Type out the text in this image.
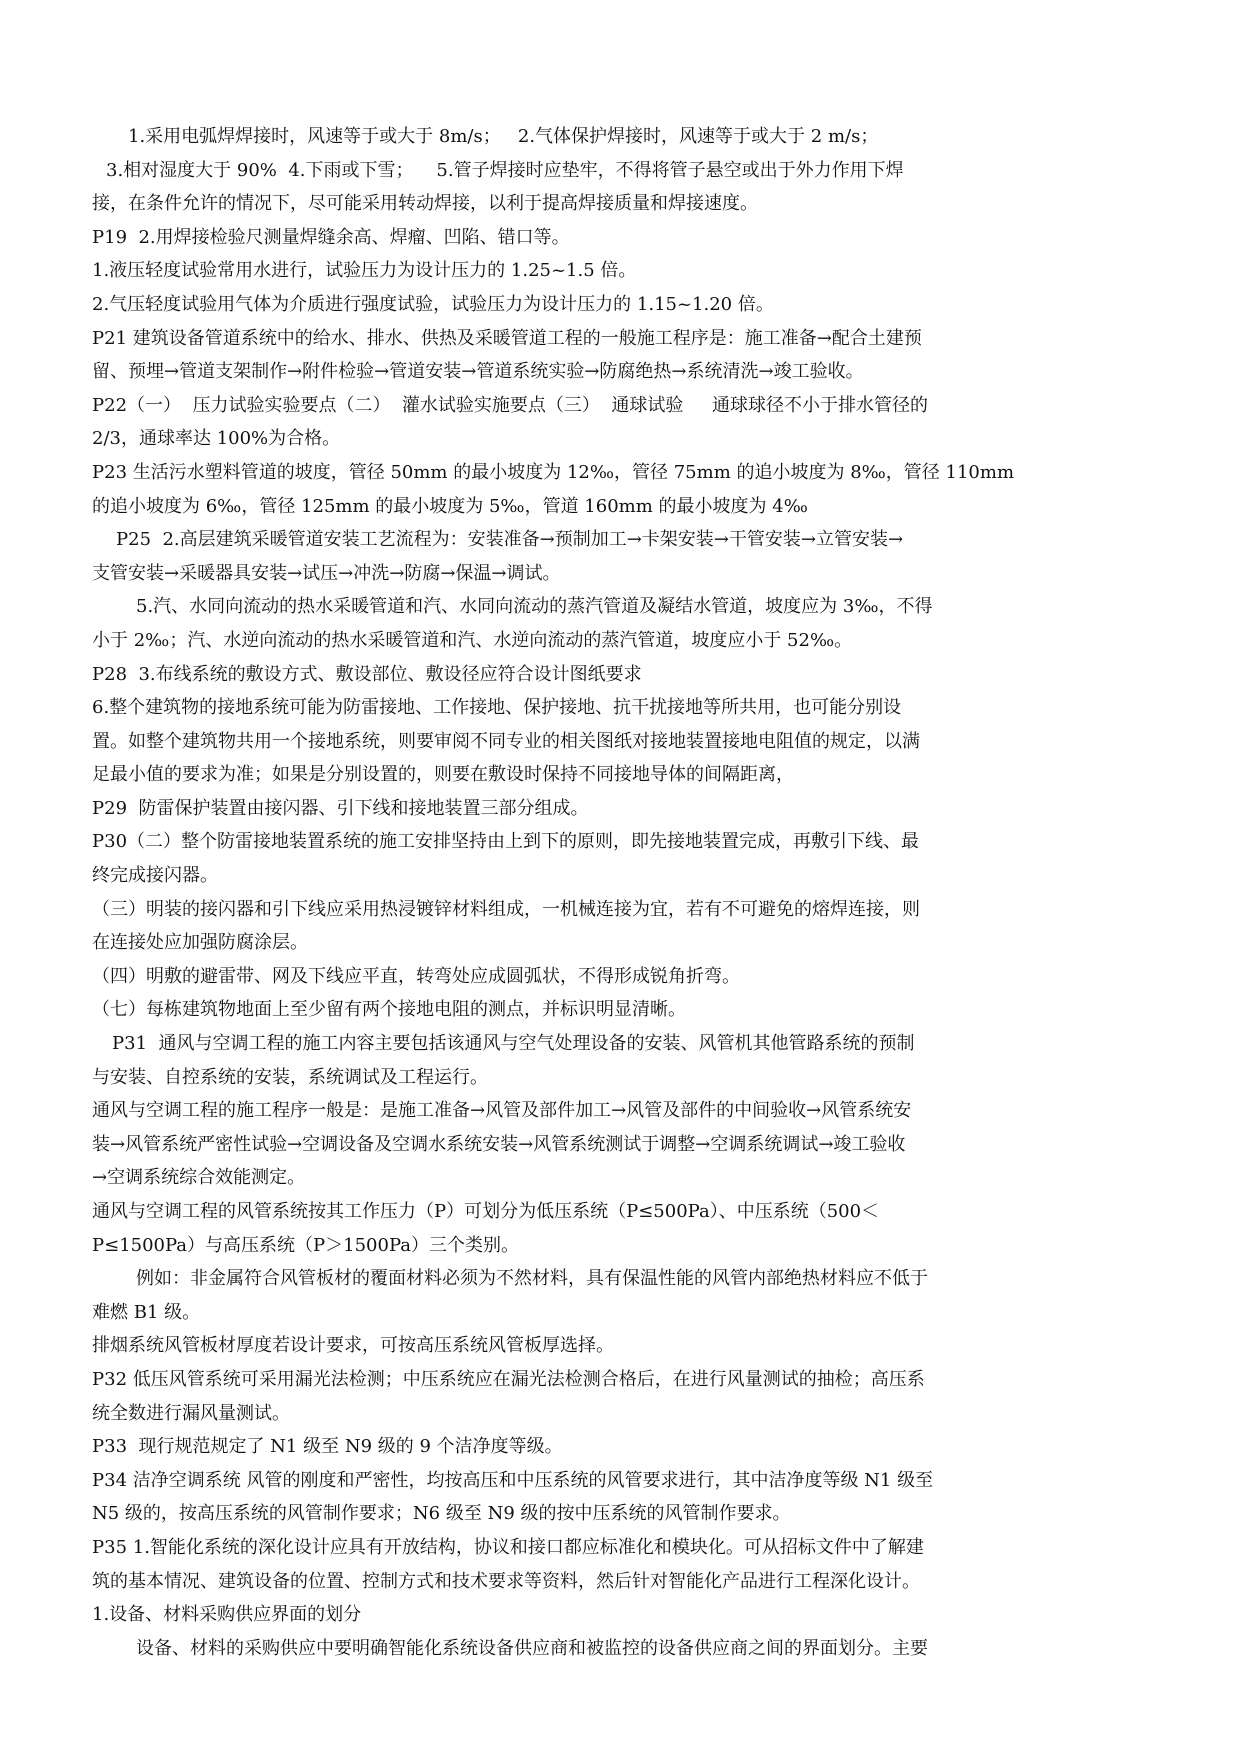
1.采用电弧焊焊接时，风速等于或大于 8m/s；   2.气体保护焊接时，风速等于或大于 2 m/s；

3.相对湿度大于 90%  4.下雨或下雪；    5.管子焊接时应垫牢，不得将管子悬空或出于外力作用下焊

接，在条件允许的情况下，尽可能采用转动焊接，以利于提高焊接质量和焊接速度。

P19  2.用焊接检验尺测量焊缝余高、焊瘤、凹陷、错口等。

1.液压轻度试验常用水进行，试验压力为设计压力的 1.25~1.5 倍。

2.气压轻度试验用气体为介质进行强度试验，试验压力为设计压力的 1.15~1.20 倍。

P21 建筑设备管道系统中的给水、排水、供热及采暖管道工程的一般施工程序是：施工准备→配合土建预

留、预埋→管道支架制作→附件检验→管道安装→管道系统实验→防腐绝热→系统清洗→竣工验收。

P22（一）  压力试验实验要点（二）  灌水试验实施要点（三）  通球试验     通球球径不小于排水管径的

2/3，通球率达 100%为合格。

P23 生活污水塑料管道的坡度，管径 50mm 的最小坡度为 12‰，管径 75mm 的追小坡度为 8‰，管径 110mm

的追小坡度为 6‰，管径 125mm 的最小坡度为 5‰，管道 160mm 的最小坡度为 4‰

P25  2.高层建筑采暖管道安装工艺流程为：安装准备→预制加工→卡架安装→干管安装→立管安装→

支管安装→采暖器具安装→试压→冲洗→防腐→保温→调试。

5.汽、水同向流动的热水采暖管道和汽、水同向流动的蒸汽管道及凝结水管道，坡度应为 3‰，不得

小于 2‰；汽、水逆向流动的热水采暖管道和汽、水逆向流动的蒸汽管道，坡度应小于 52‰。

P28  3.布线系统的敷设方式、敷设部位、敷设径应符合设计图纸要求

6.整个建筑物的接地系统可能为防雷接地、工作接地、保护接地、抗干扰接地等所共用，也可能分别设

置。如整个建筑物共用一个接地系统，则要审阅不同专业的相关图纸对接地装置接地电阻值的规定，以满

足最小值的要求为准；如果是分别设置的，则要在敷设时保持不同接地导体的间隔距离，

P29  防雷保护装置由接闪器、引下线和接地装置三部分组成。

P30（二）整个防雷接地装置系统的施工安排坚持由上到下的原则，即先接地装置完成，再敷引下线、最

终完成接闪器。

（三）明装的接闪器和引下线应采用热浸镀锌材料组成，一机械连接为宜，若有不可避免的熔焊连接，则

在连接处应加强防腐涂层。

（四）明敷的避雷带、网及下线应平直，转弯处应成圆弧状，不得形成锐角折弯。

（七）每栋建筑物地面上至少留有两个接地电阻的测点，并标识明显清晰。

P31  通风与空调工程的施工内容主要包括该通风与空气处理设备的安装、风管机其他管路系统的预制

与安装、自控系统的安装，系统调试及工程运行。

通风与空调工程的施工程序一般是：是施工准备→风管及部件加工→风管及部件的中间验收→风管系统安

装→风管系统严密性试验→空调设备及空调水系统安装→风管系统测试于调整→空调系统调试→竣工验收

→空调系统综合效能测定。

通风与空调工程的风管系统按其工作压力（P）可划分为低压系统（P≤500Pa）、中压系统（500＜

P≤1500Pa）与高压系统（P＞1500Pa）三个类别。

例如：非金属符合风管板材的覆面材料必须为不然材料，具有保温性能的风管内部绝热材料应不低于

难燃 B1 级。

排烟系统风管板材厚度若设计要求，可按高压系统风管板厚选择。

P32 低压风管系统可采用漏光法检测；中压系统应在漏光法检测合格后，在进行风量测试的抽检；高压系

统全数进行漏风量测试。

P33  现行规范规定了 N1 级至 N9 级的 9 个洁净度等级。

P34 洁净空调系统 风管的刚度和严密性，均按高压和中压系统的风管要求进行，其中洁净度等级 N1 级至

N5 级的，按高压系统的风管制作要求；N6 级至 N9 级的按中压系统的风管制作要求。

P35 1.智能化系统的深化设计应具有开放结构，协议和接口都应标准化和模块化。可从招标文件中了解建

筑的基本情况、建筑设备的位置、控制方式和技术要求等资料，然后针对智能化产品进行工程深化设计。

1.设备、材料采购供应界面的划分

设备、材料的采购供应中要明确智能化系统设备供应商和被监控的设备供应商之间的界面划分。主要
